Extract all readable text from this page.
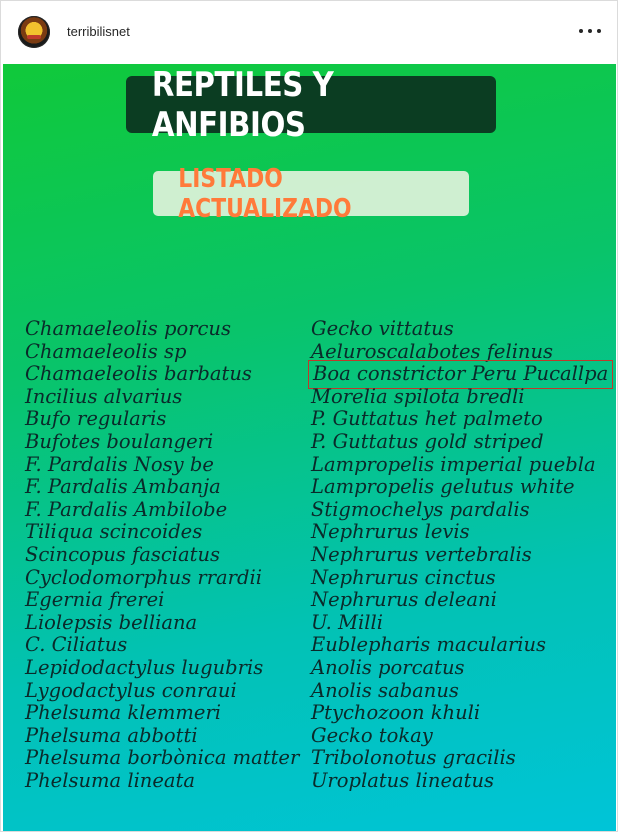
terribilisnet
REPTILES Y ANFIBIOS
LISTADO ACTUALIZADO
Chamaeleolis porcus
Chamaeleolis sp
Chamaeleolis barbatus
Incilius alvarius
Bufo regularis
Bufotes boulangeri
F. Pardalis Nosy be
F. Pardalis Ambanja
F. Pardalis Ambilobe
Tiliqua scincoides
Scincopus fasciatus
Cyclodomorphus rrardii
Egernia frerei
Liolepsis belliana
C. Ciliatus
Lepidodactylus lugubris
Lygodactylus conraui
Phelsuma klemmeri
Phelsuma abbotti
Phelsuma borbònica matter
Phelsuma lineata
Gecko vittatus
Aeluroscalabotes felinus
Boa constrictor Peru Pucallpa
Morelia spilota bredli
P. Guttatus het palmeto
P. Guttatus gold striped
Lampropelis imperial puebla
Lampropelis gelutus white
Stigmochelys pardalis
Nephrurus levis
Nephrurus vertebralis
Nephrurus cinctus
Nephrurus deleani
U. Milli
Eublepharis macularius
Anolis porcatus
Anolis sabanus
Ptychozoon khuli
Gecko tokay
Tribolonotus gracilis
Uroplatus lineatus
